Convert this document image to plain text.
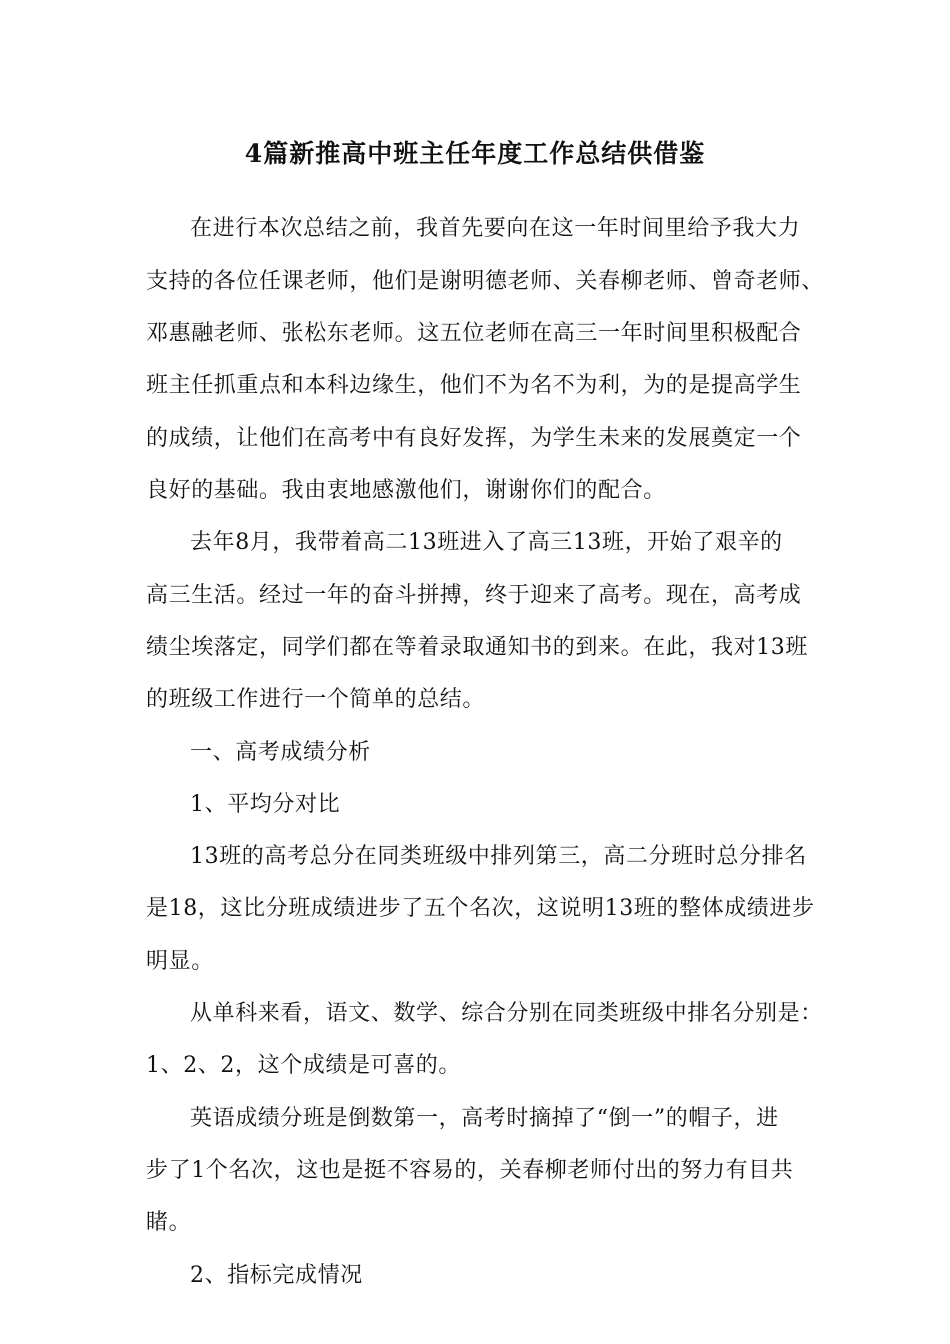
4篇新推高中班主任年度工作总结供借鉴
在进行本次总结之前，我首先要向在这一年时间里给予我大力
支持的各位任课老师，他们是谢明德老师、关春柳老师、曾奇老师、
邓惠融老师、张松东老师。这五位老师在高三一年时间里积极配合
班主任抓重点和本科边缘生，他们不为名不为利，为的是提高学生
的成绩，让他们在高考中有良好发挥，为学生未来的发展奠定一个
良好的基础。我由衷地感激他们，谢谢你们的配合。
去年8月，我带着高二13班进入了高三13班，开始了艰辛的
高三生活。经过一年的奋斗拼搏，终于迎来了高考。现在，高考成
绩尘埃落定，同学们都在等着录取通知书的到来。在此，我对13班
的班级工作进行一个简单的总结。
一、高考成绩分析
1、平均分对比
13班的高考总分在同类班级中排列第三，高二分班时总分排名
是18，这比分班成绩进步了五个名次，这说明13班的整体成绩进步
明显。
从单科来看，语文、数学、综合分别在同类班级中排名分别是：
1、2、2，这个成绩是可喜的。
英语成绩分班是倒数第一，高考时摘掉了“倒一”的帽子，进
步了1个名次，这也是挺不容易的，关春柳老师付出的努力有目共
睹。
2、指标完成情况
